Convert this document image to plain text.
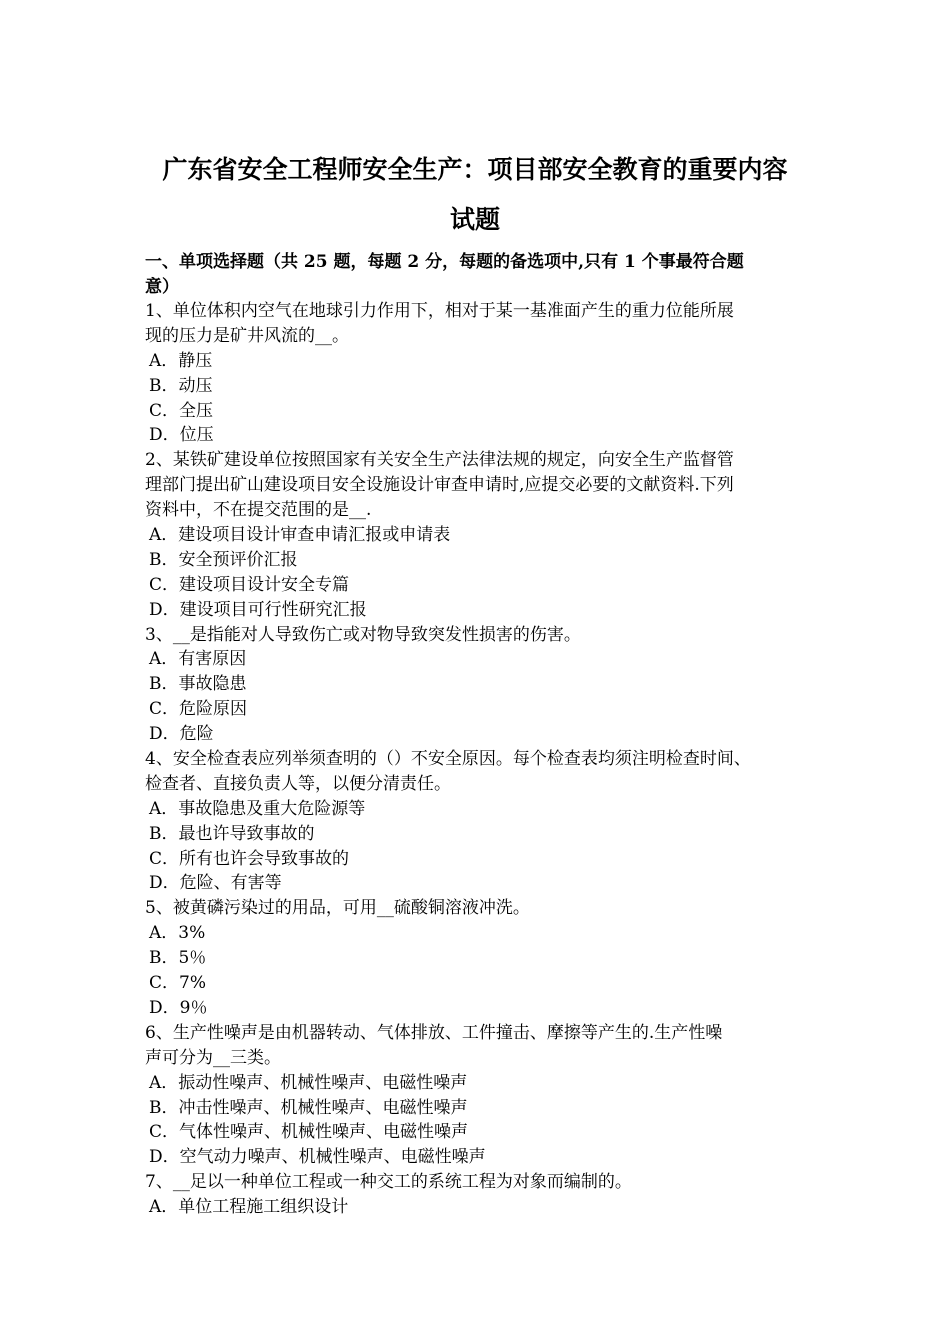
广东省安全工程师安全生产：项目部安全教育的重要内容
试题
一、单项选择题（共 25 题，每题 2 分，每题的备选项中,只有 1 个事最符合题
意）
1、单位体积内空气在地球引力作用下，相对于某一基准面产生的重力位能所展
现的压力是矿井风流的__。
A．静压
B．动压
C．全压
D．位压
2、某铁矿建设单位按照国家有关安全生产法律法规的规定，向安全生产监督管
理部门提出矿山建设项目安全设施设计审查申请时,应提交必要的文献资料.下列
资料中，不在提交范围的是__.
A．建设项目设计审查申请汇报或申请表
B．安全预评价汇报
C．建设项目设计安全专篇
D．建设项目可行性研究汇报
3、__是指能对人导致伤亡或对物导致突发性损害的伤害。
A．有害原因
B．事故隐患
C．危险原因
D．危险
4、安全检查表应列举须查明的（）不安全原因。每个检查表均须注明检查时间、
检查者、直接负责人等，以便分清责任。
A．事故隐患及重大危险源等
B．最也许导致事故的
C．所有也许会导致事故的
D．危险、有害等
5、被黄磷污染过的用品，可用__硫酸铜溶液冲洗。
A．3%
B．5％
C．7%
D．9％
6、生产性噪声是由机器转动、气体排放、工件撞击、摩擦等产生的.生产性噪
声可分为__三类。
A．振动性噪声、机械性噪声、电磁性噪声
B．冲击性噪声、机械性噪声、电磁性噪声
C．气体性噪声、机械性噪声、电磁性噪声
D．空气动力噪声、机械性噪声、电磁性噪声
7、__足以一种单位工程或一种交工的系统工程为对象而编制的。
A．单位工程施工组织设计
